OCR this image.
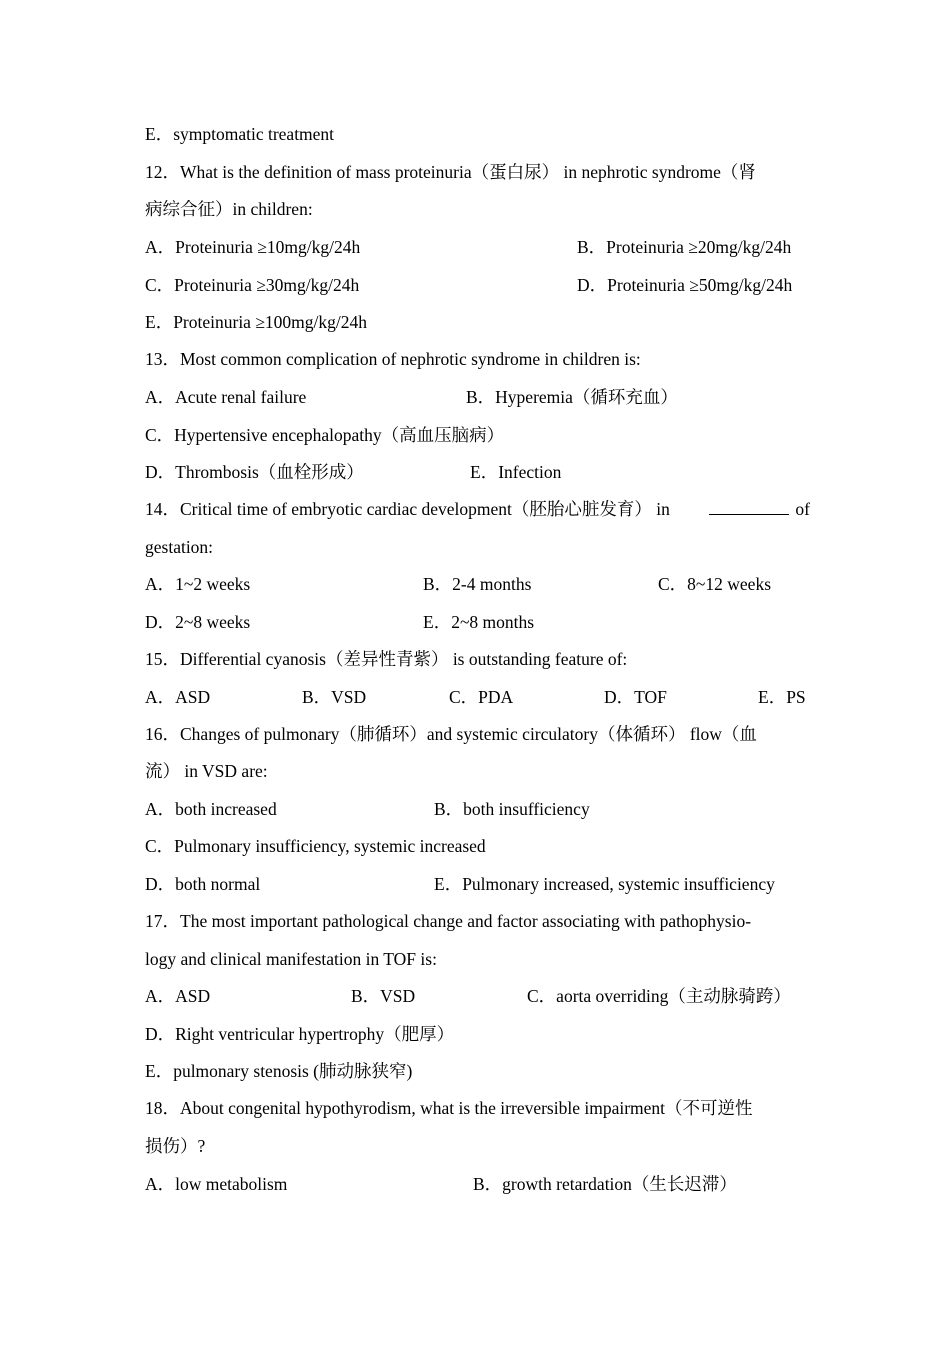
E．symptomatic treatment
12．What is the definition of mass proteinuria（蛋白尿） in nephrotic syndrome（肾
病综合征）in children:
A．Proteinuria ≥10mg/kg/24h	B．Proteinuria ≥20mg/kg/24h
C．Proteinuria ≥30mg/kg/24h	D．Proteinuria ≥50mg/kg/24h
E．Proteinuria ≥100mg/kg/24h
13．Most common complication of nephrotic syndrome in children is:
A．Acute renal failure	B．Hyperemia（循环充血）
C．Hypertensive encephalopathy（高血压脑病）
D．Thrombosis（血栓形成）	E．Infection
14．Critical time of embryotic cardiac development（胚胎心脏发育） in	of
gestation:
A．1~2 weeks	B．2-4 months	C．8~12 weeks
D．2~8 weeks	E．2~8 months
15．Differential cyanosis（差异性青紫） is outstanding feature of:
A．ASD	B．VSD	C．PDA	D．TOF	E．PS
16．Changes of pulmonary（肺循环）and systemic circulatory（体循环） flow（血
流） in VSD are:
A．both increased	B．both insufficiency
C．Pulmonary insufficiency, systemic increased
D．both normal	E．Pulmonary increased, systemic insufficiency
17．The most important pathological change and factor associating with pathophysio-
logy and clinical manifestation in TOF is:
A．ASD	B．VSD	C．aorta overriding（主动脉骑跨）
D．Right ventricular hypertrophy（肥厚）
E．pulmonary stenosis (肺动脉狭窄)
18．About congenital hypothyrodism, what is the irreversible impairment（不可逆性
损伤）?
A．low metabolism	B．growth retardation（生长迟滞）
